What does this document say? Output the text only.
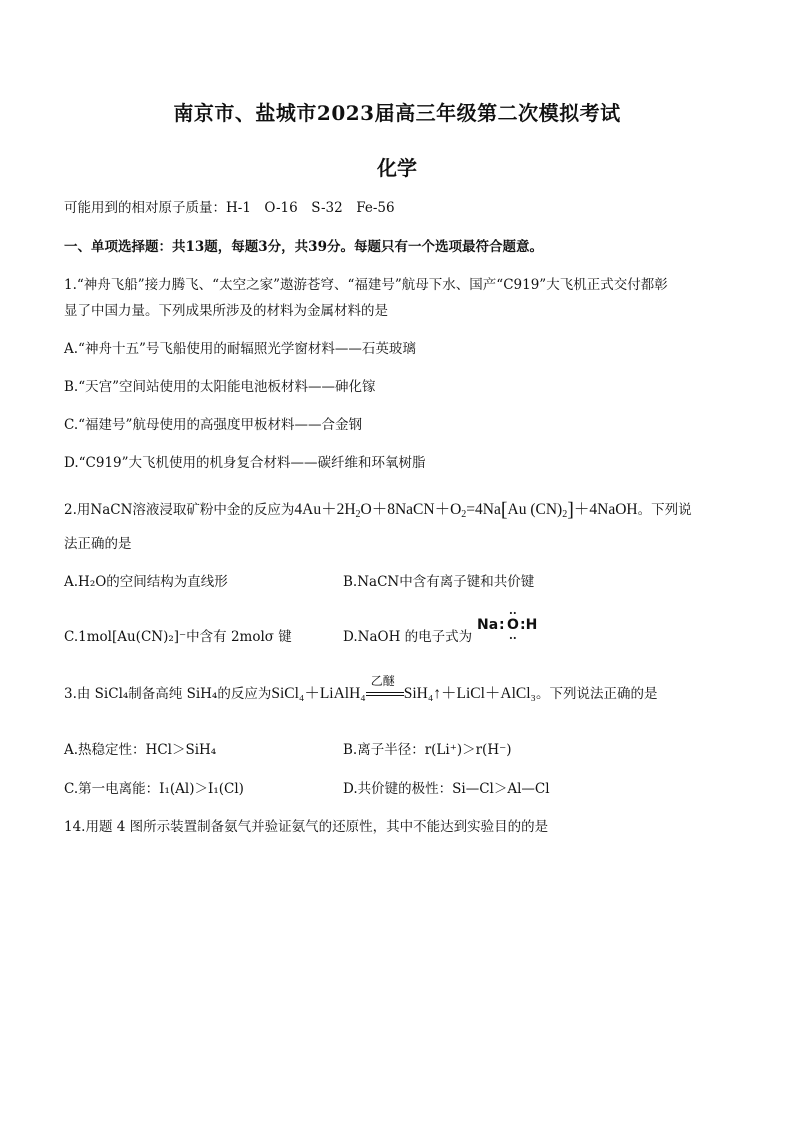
南京市、盐城市2023届高三年级第二次模拟考试
化学
可能用到的相对原子质量：H-1　O-16　S-32　Fe-56
一、单项选择题：共13题，每题3分，共39分。每题只有一个选项最符合题意。
1.“神舟飞船”接力腾飞、“太空之家”遨游苍穹、“福建号”航母下水、国产“C919”大飞机正式交付都彰
显了中国力量。下列成果所涉及的材料为金属材料的是
A.“神舟十五”号飞船使用的耐辐照光学窗材料——石英玻璃
B.“天宫”空间站使用的太阳能电池板材料——砷化镓
C.“福建号”航母使用的高强度甲板材料——合金钢
D.“C919”大飞机使用的机身复合材料——碳纤维和环氧树脂
2.用NaCN溶液浸取矿粉中金的反应为$4Au+2H_2O+8NaCN+O_2=4Na[Au$ $(CN)_2]+4NaOH$。下列说
法正确的是
A.H₂O的空间结构为直线形	B.NaCN中含有离子键和共价键
C.1mol[Au(CN)₂]⁻中含有 2molσ 键	D.NaOH 的电子式为
Na : O :H
··
··
3.由 SiCl₄制备高纯 SiH₄的反应为SiCl₄＋LiAlH₄
乙醚
SiH₄↑＋LiCl＋AlCl₃。下列说法正确的是
A.热稳定性：HCl＞SiH₄	B.离子半径：r(Li⁺)＞r(H⁻)
C.第一电离能：I₁(Al)＞I₁(Cl)	D.共价键的极性：Si—Cl＞Al—Cl
14.用题 4 图所示装置制备氨气并验证氨气的还原性，其中不能达到实验目的的是
